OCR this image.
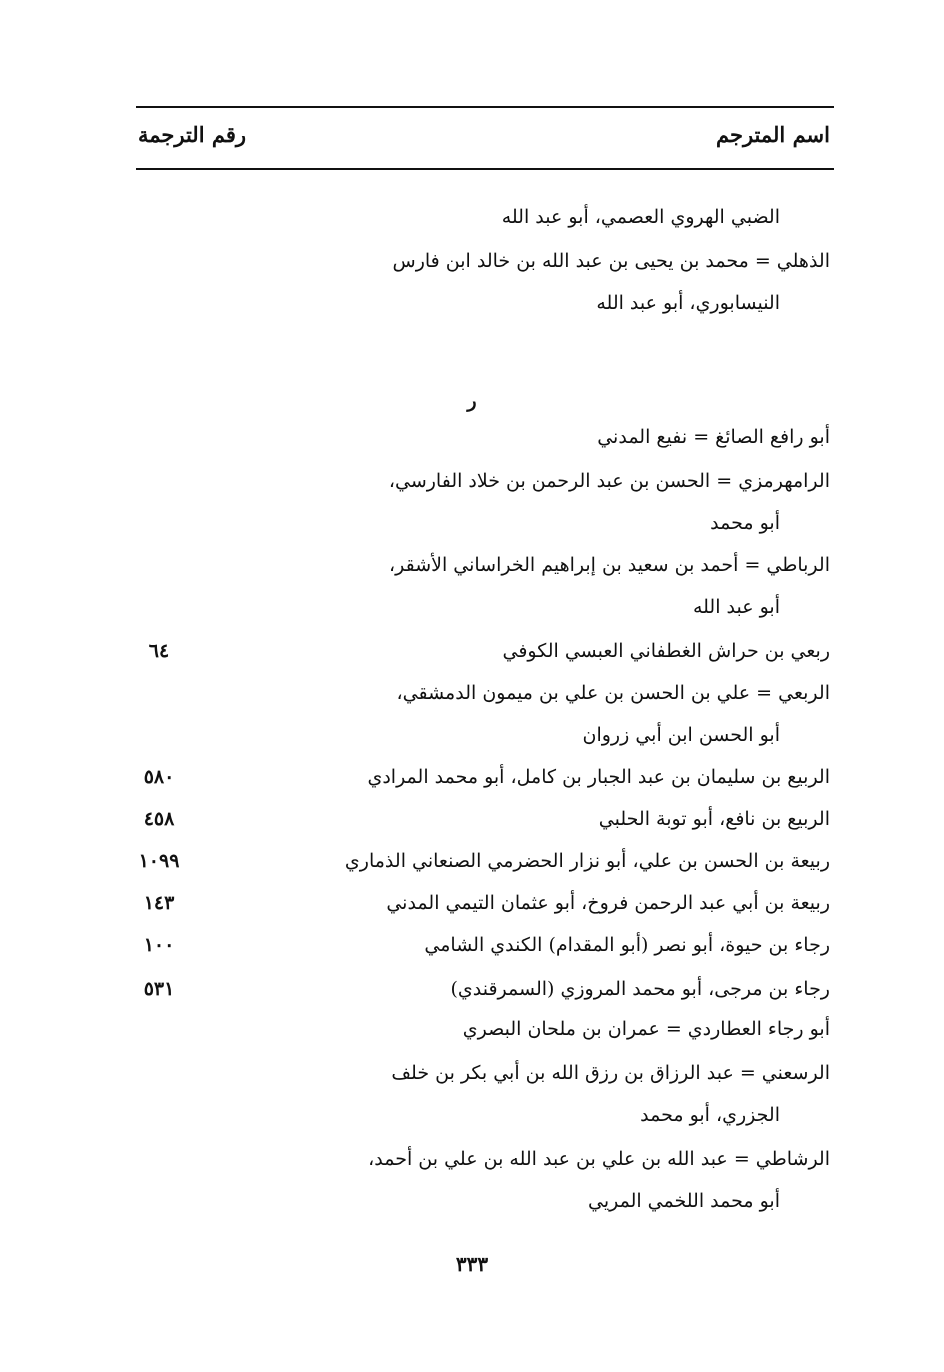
اسم المترجم
رقم الترجمة
الضبي الهروي العصمي، أبو عبد الله
الذهلي = محمد بن يحيى بن عبد الله بن خالد ابن فارس
النيسابوري، أبو عبد الله
ر
أبو رافع الصائغ = نفيع المدني
الرامهرمزي = الحسن بن عبد الرحمن بن خلاد الفارسي،
أبو محمد
الرباطي = أحمد بن سعيد بن إبراهيم الخراساني الأشقر،
أبو عبد الله
ربعي بن حراش الغطفاني العبسي الكوفي
٦٤
الربعي = علي بن الحسن بن علي بن ميمون الدمشقي،
أبو الحسن ابن أبي زروان
الربيع بن سليمان بن عبد الجبار بن كامل، أبو محمد المرادي
٥٨٠
الربيع بن نافع، أبو توبة الحلبي
٤٥٨
ربيعة بن الحسن بن علي، أبو نزار الحضرمي الصنعاني الذماري
١٠٩٩
ربيعة بن أبي عبد الرحمن فروخ، أبو عثمان التيمي المدني
١٤٣
رجاء بن حيوة، أبو نصر (أبو المقدام) الكندي الشامي
١٠٠
رجاء بن مرجى، أبو محمد المروزي (السمرقندي)
٥٣١
أبو رجاء العطاردي = عمران بن ملحان البصري
الرسعني = عبد الرزاق بن رزق الله بن أبي بكر بن خلف
الجزري، أبو محمد
الرشاطي = عبد الله بن علي بن عبد الله بن علي بن أحمد،
أبو محمد اللخمي المريي
٣٣٣
